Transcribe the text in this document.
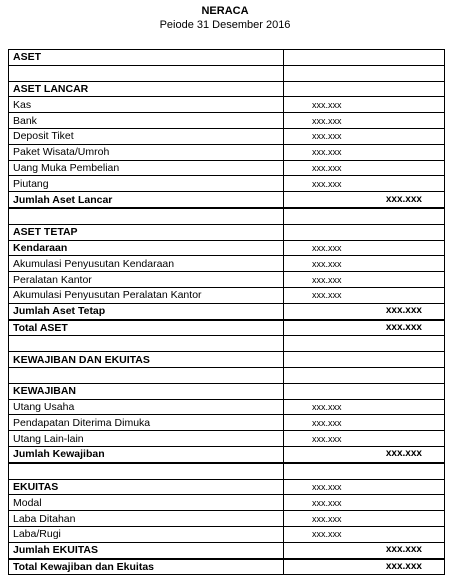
NERACA
Peiode 31 Desember 2016
ASET	

ASET LANCAR	
Kas	xxx.xxx

Bank	xxx.xxx

Deposit Tiket	xxx.xxx

Paket Wisata/Umroh	xxx.xxx

Uang Muka Pembelian	xxx.xxx

Piutang	xxx.xxx

Jumlah Aset Lancar	xxx.xxx

ASET TETAP	
Kendaraan	xxx.xxx

Akumulasi Penyusutan Kendaraan	xxx.xxx

Peralatan Kantor	xxx.xxx

Akumulasi Penyusutan Peralatan Kantor	xxx.xxx

Jumlah Aset Tetap	xxx.xxx

Total ASET	xxx.xxx

KEWAJIBAN DAN EKUITAS	

KEWAJIBAN	
Utang Usaha	xxx.xxx

Pendapatan Diterima Dimuka	xxx.xxx

Utang Lain-lain	xxx.xxx

Jumlah Kewajiban	xxx.xxx

EKUITAS	xxx.xxx

Modal	xxx.xxx

Laba Ditahan	xxx.xxx

Laba/Rugi	xxx.xxx

Jumlah EKUITAS	xxx.xxx

Total Kewajiban dan Ekuitas	xxx.xxx
